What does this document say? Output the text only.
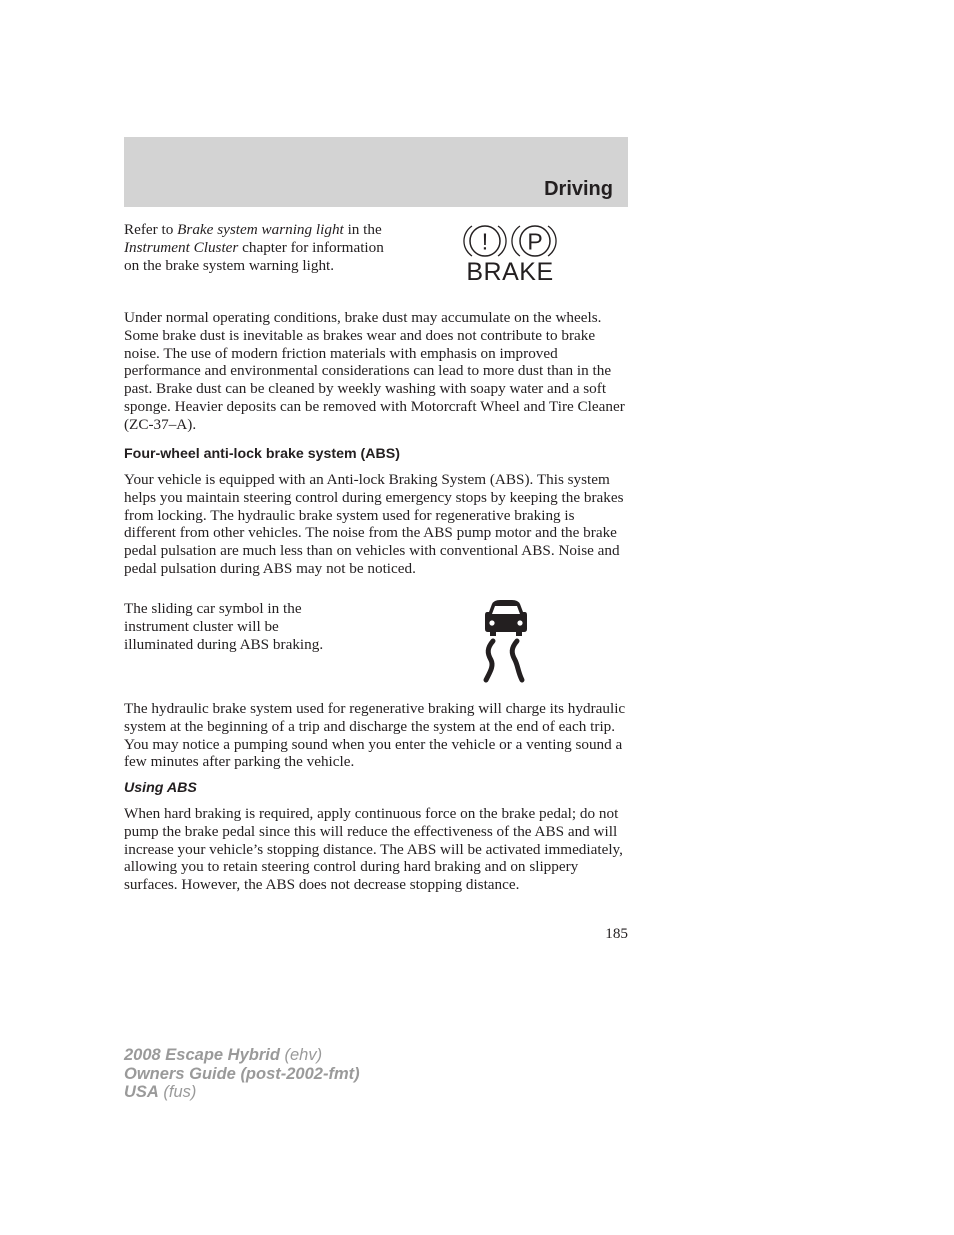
Driving

Refer to Brake system warning light in the Instrument Cluster chapter for information on the brake system warning light.

! P
BRAKE

Under normal operating conditions, brake dust may accumulate on the wheels. Some brake dust is inevitable as brakes wear and does not contribute to brake noise. The use of modern friction materials with emphasis on improved performance and environmental considerations can lead to more dust than in the past. Brake dust can be cleaned by weekly washing with soapy water and a soft sponge. Heavier deposits can be removed with Motorcraft Wheel and Tire Cleaner (ZC-37–A).

Four-wheel anti-lock brake system (ABS)

Your vehicle is equipped with an Anti-lock Braking System (ABS). This system helps you maintain steering control during emergency stops by keeping the brakes from locking. The hydraulic brake system used for regenerative braking is different from other vehicles. The noise from the ABS pump motor and the brake pedal pulsation are much less than on vehicles with conventional ABS. Noise and pedal pulsation during ABS may not be noticed.

The sliding car symbol in the instrument cluster will be illuminated during ABS braking.

The hydraulic brake system used for regenerative braking will charge its hydraulic system at the beginning of a trip and discharge the system at the end of each trip. You may notice a pumping sound when you enter the vehicle or a venting sound a few minutes after parking the vehicle.

Using ABS

When hard braking is required, apply continuous force on the brake pedal; do not pump the brake pedal since this will reduce the effectiveness of the ABS and will increase your vehicle’s stopping distance. The ABS will be activated immediately, allowing you to retain steering control during hard braking and on slippery surfaces. However, the ABS does not decrease stopping distance.

185
2008 Escape Hybrid (ehv)
Owners Guide (post-2002-fmt)
USA (fus)
